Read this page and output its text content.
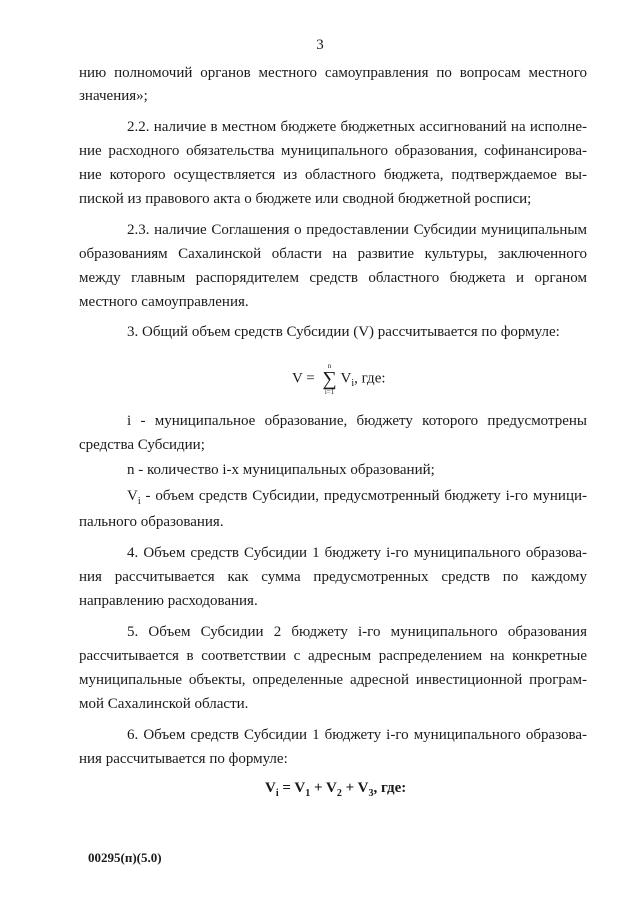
3
нию полномочий органов местного самоуправления по вопросам местного
значения»;
2.2. наличие в местном бюджете бюджетных ассигнований на исполне-
ние расходного обязательства муниципального образования, софинансирова-
ние которого осуществляется из областного бюджета, подтверждаемое вы-
пиской из правового акта о бюджете или сводной бюджетной росписи;
2.3. наличие Соглашения о предоставлении Субсидии муниципальным
образованиям Сахалинской области на развитие культуры, заключенного
между главным распорядителем средств областного бюджета и органом
местного самоуправления.
3. Общий объем средств Субсидии (V) рассчитывается по формуле:
i - муниципальное образование, бюджету которого предусмотрены
средства Субсидии;
n - количество i-х муниципальных образований;
пального образования.
4. Объем средств Субсидии 1 бюджету i-го муниципального образова-
ния рассчитывается как сумма предусмотренных средств по каждому
направлению расходования.
5. Объем Субсидии 2 бюджету i-го муниципального образования
рассчитывается в соответствии с адресным распределением на конкретные
муниципальные объекты, определенные адресной инвестиционной програм-
мой Сахалинской области.
6. Объем средств Субсидии 1 бюджету i-го муниципального образова-
ния рассчитывается по формуле:
$V_i$ - объем средств Субсидии, предусмотренный бюджету i-го муници-
V =
n
∑
i=1
$V_i$, где:
$V_i = V_1 + V_2 + V_3$, где:
00295(п)(5.0)
